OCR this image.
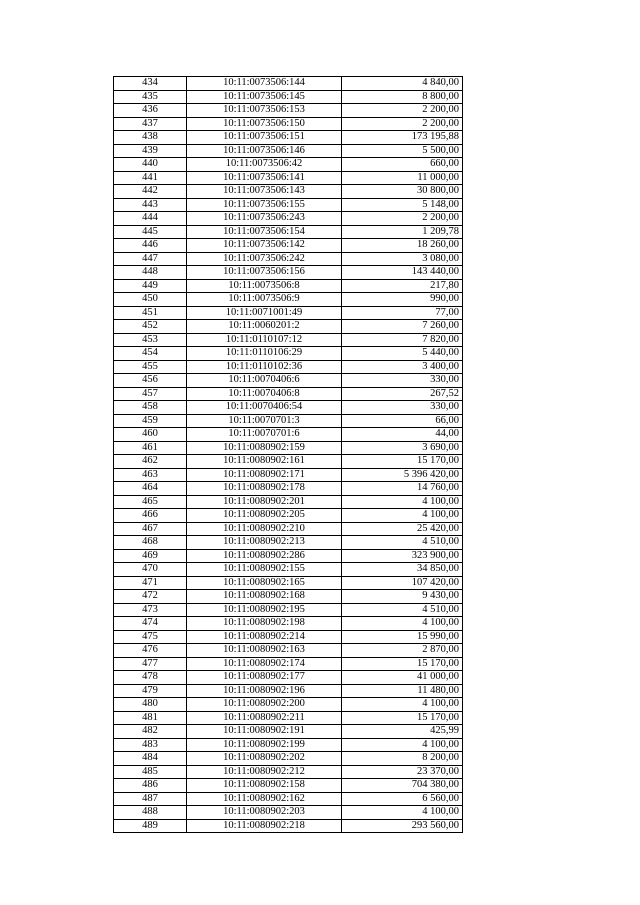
434	10:11:0073506:144	4 840,00
435	10:11:0073506:145	8 800,00
436	10:11:0073506:153	2 200,00
437	10:11:0073506:150	2 200,00
438	10:11:0073506:151	173 195,88
439	10:11:0073506:146	5 500,00
440	10:11:0073506:42	660,00
441	10:11:0073506:141	11 000,00
442	10:11:0073506:143	30 800,00
443	10:11:0073506:155	5 148,00
444	10:11:0073506:243	2 200,00
445	10:11:0073506:154	1 209,78
446	10:11:0073506:142	18 260,00
447	10:11:0073506:242	3 080,00
448	10:11:0073506:156	143 440,00
449	10:11:0073506:8	217,80
450	10:11:0073506:9	990,00
451	10:11:0071001:49	77,00
452	10:11:0060201:2	7 260,00
453	10:11:0110107:12	7 820,00
454	10:11:0110106:29	5 440,00
455	10:11:0110102:36	3 400,00
456	10:11:0070406:6	330,00
457	10:11:0070406:8	267,52
458	10:11:0070406:54	330,00
459	10:11:0070701:3	66,00
460	10:11:0070701:6	44,00
461	10:11:0080902:159	3 690,00
462	10:11:0080902:161	15 170,00
463	10:11:0080902:171	5 396 420,00
464	10:11:0080902:178	14 760,00
465	10:11:0080902:201	4 100,00
466	10:11:0080902:205	4 100,00
467	10:11:0080902:210	25 420,00
468	10:11:0080902:213	4 510,00
469	10:11:0080902:286	323 900,00
470	10:11:0080902:155	34 850,00
471	10:11:0080902:165	107 420,00
472	10:11:0080902:168	9 430,00
473	10:11:0080902:195	4 510,00
474	10:11:0080902:198	4 100,00
475	10:11:0080902:214	15 990,00
476	10:11:0080902:163	2 870,00
477	10:11:0080902:174	15 170,00
478	10:11:0080902:177	41 000,00
479	10:11:0080902:196	11 480,00
480	10:11:0080902:200	4 100,00
481	10:11:0080902:211	15 170,00
482	10:11:0080902:191	425,99
483	10:11:0080902:199	4 100,00
484	10:11:0080902:202	8 200,00
485	10:11:0080902:212	23 370,00
486	10:11:0080902:158	704 380,00
487	10:11:0080902:162	6 560,00
488	10:11:0080902:203	4 100,00
489	10:11:0080902:218	293 560,00
